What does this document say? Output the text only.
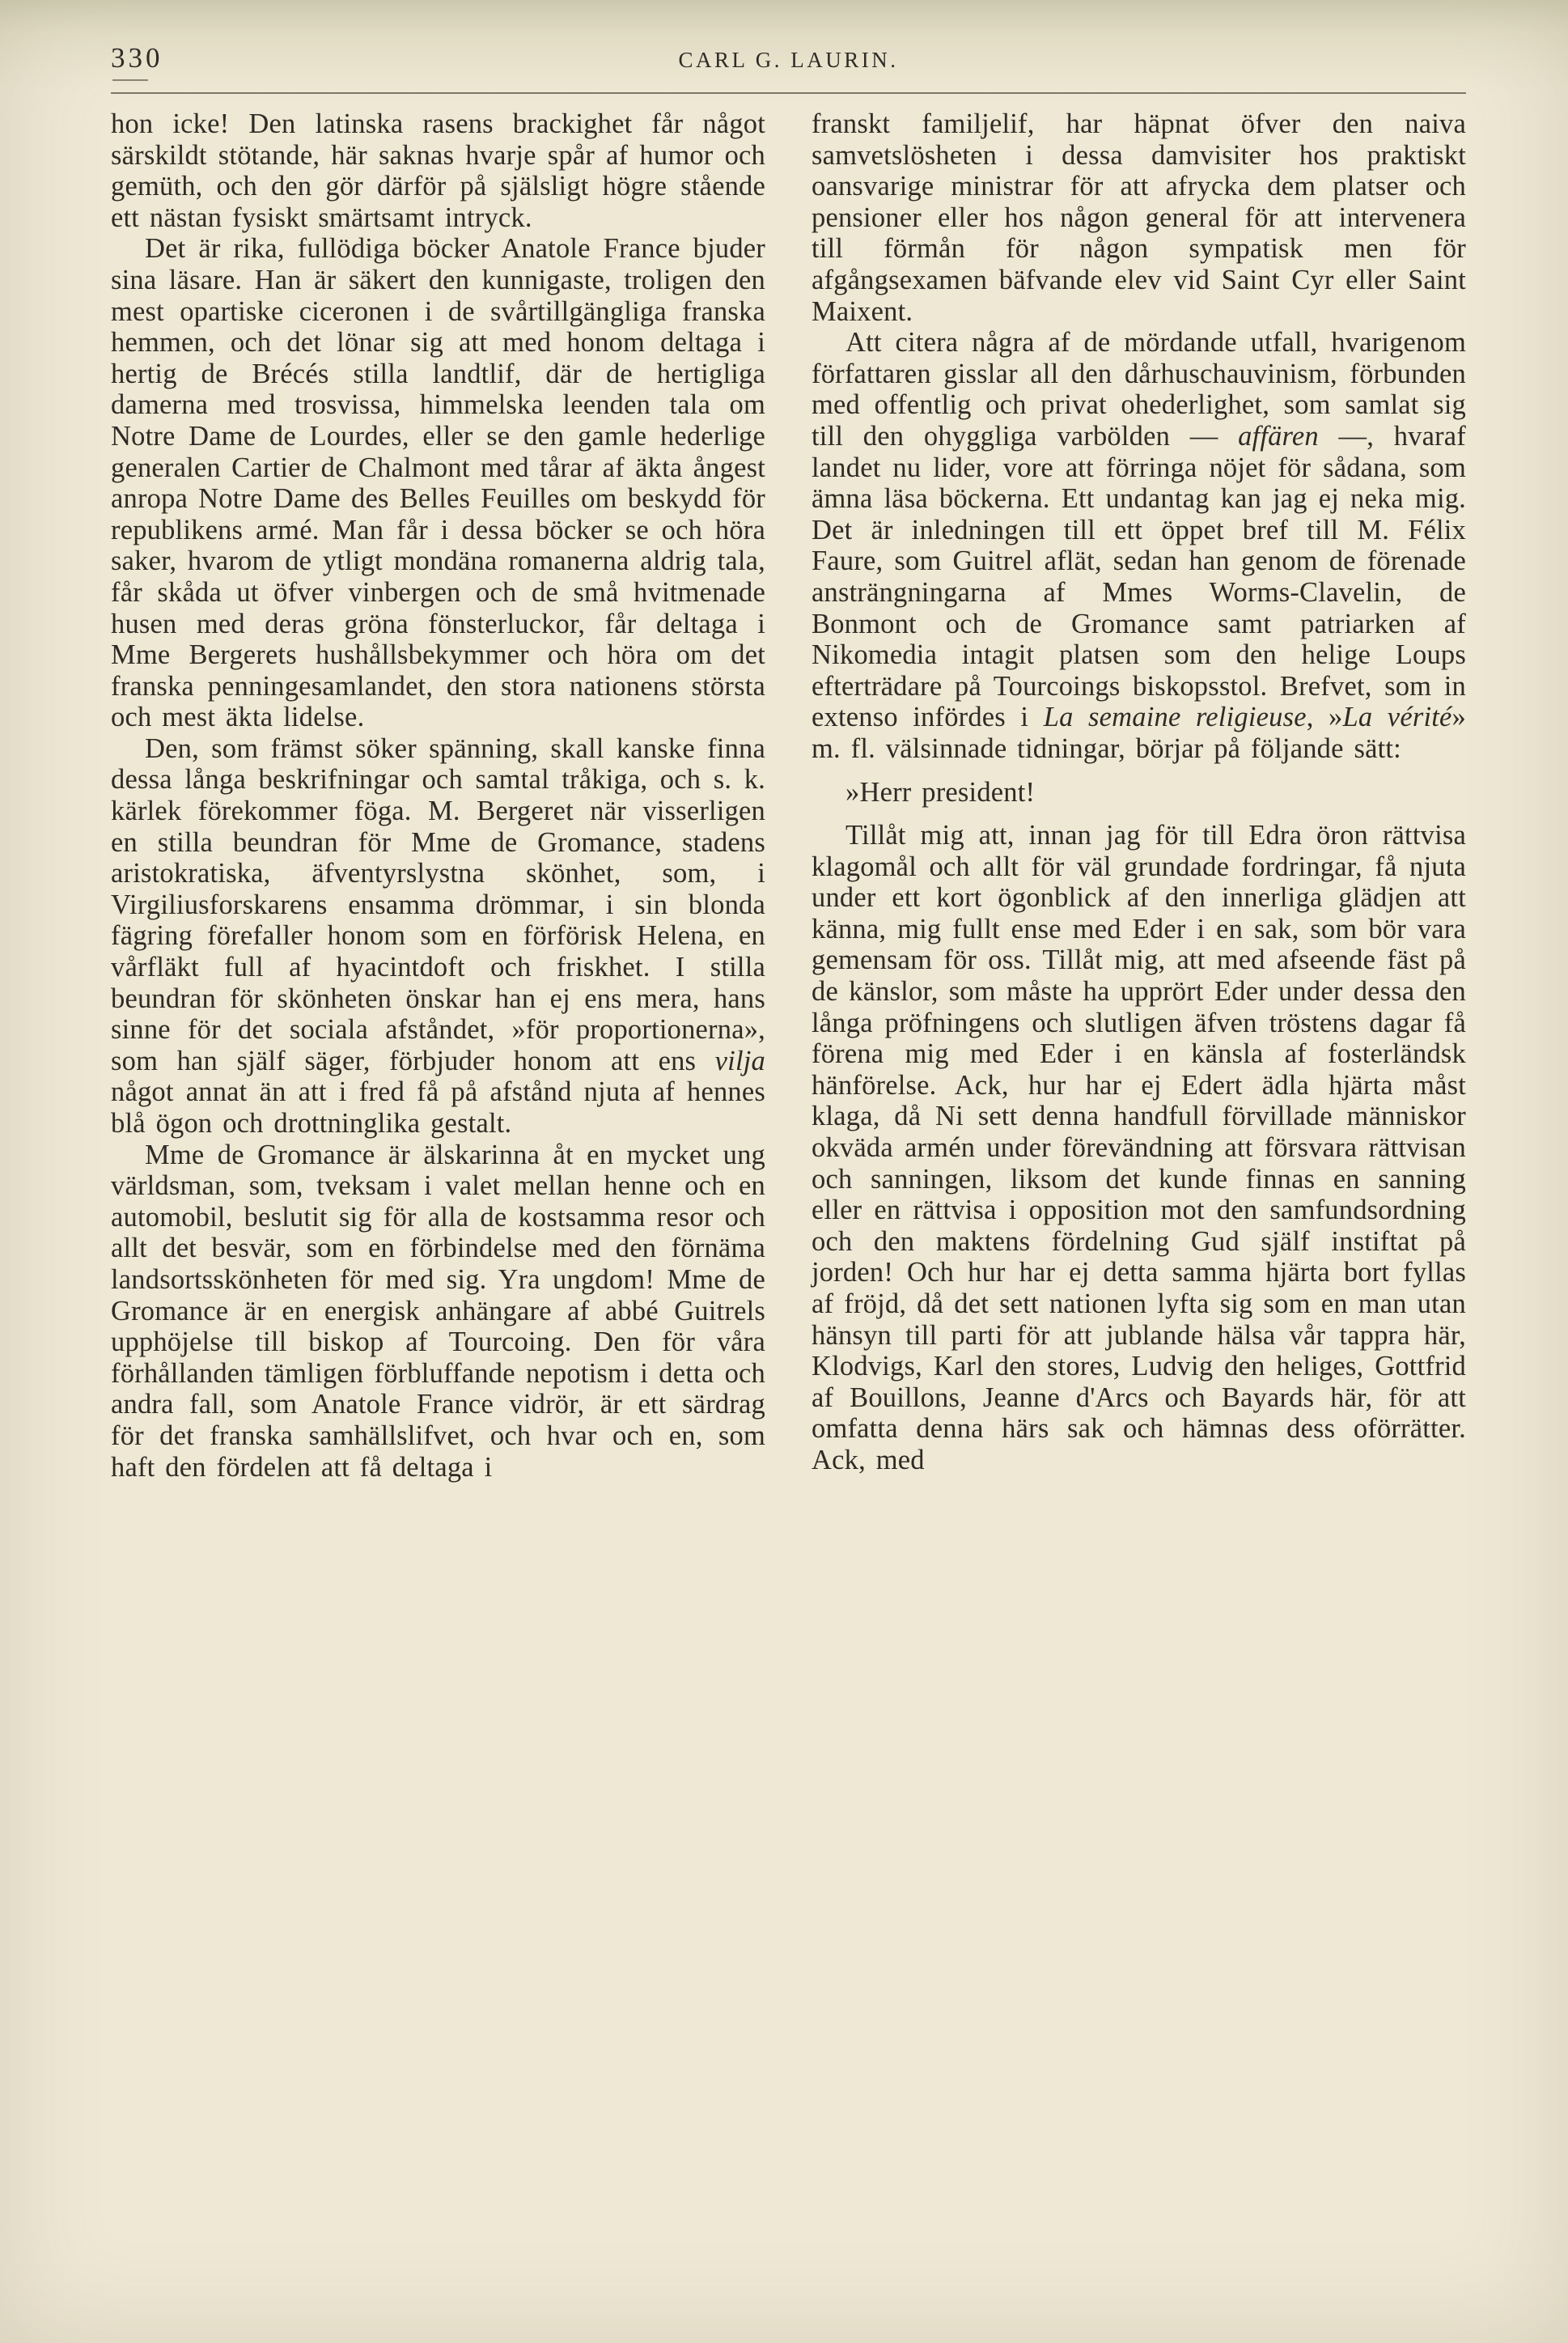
330	CARL G. LAURIN.

hon icke! Den latinska rasens brackighet får något särskildt stötande, här saknas hvarje spår af humor och gemüth, och den gör därför på själsligt högre stående ett nästan fysiskt smärtsamt intryck.

Det är rika, fullödiga böcker Anatole France bjuder sina läsare. Han är säkert den kunnigaste, troligen den mest opartiske ciceronen i de svårtillgängliga franska hemmen, och det lönar sig att med honom deltaga i hertig de Brécés stilla landtlif, där de hertigliga damerna med trosvissa, himmelska leenden tala om Notre Dame de Lourdes, eller se den gamle hederlige generalen Cartier de Chalmont med tårar af äkta ångest anropa Notre Dame des Belles Feuilles om beskydd för republikens armé. Man får i dessa böcker se och höra saker, hvarom de ytligt mondäna romanerna aldrig tala, får skåda ut öfver vinbergen och de små hvitmenade husen med deras gröna fönsterluckor, får deltaga i Mme Bergerets hushållsbekymmer och höra om det franska penningesamlandet, den stora nationens största och mest äkta lidelse.

Den, som främst söker spänning, skall kanske finna dessa långa beskrifningar och samtal tråkiga, och s. k. kärlek förekommer föga. M. Bergeret när visserligen en stilla beundran för Mme de Gromance, stadens aristokratiska, äfventyrslystna skönhet, som, i Virgiliusforskarens ensamma drömmar, i sin blonda fägring förefaller honom som en förförisk Helena, en vårfläkt full af hyacintdoft och friskhet. I stilla beundran för skönheten önskar han ej ens mera, hans sinne för det sociala afståndet, »för proportionerna», som han själf säger, förbjuder honom att ens vilja något annat än att i fred få på afstånd njuta af hennes blå ögon och drottninglika gestalt.

Mme de Gromance är älskarinna åt en mycket ung världsman, som, tveksam i valet mellan henne och en automobil, beslutit sig för alla de kostsamma resor och allt det besvär, som en förbindelse med den förnäma landsortsskönheten för med sig. Yra ungdom! Mme de Gromance är en energisk anhängare af abbé Guitrels upphöjelse till biskop af Tourcoing. Den för våra förhållanden tämligen förbluffande nepotism i detta och andra fall, som Anatole France vidrör, är ett särdrag för det franska samhällslifvet, och hvar och en, som haft den fördelen att få deltaga i

franskt familjelif, har häpnat öfver den naiva samvetslösheten i dessa damvisiter hos praktiskt oansvarige ministrar för att afrycka dem platser och pensioner eller hos någon general för att intervenera till förmån för någon sympatisk men för afgångsexamen bäfvande elev vid Saint Cyr eller Saint Maixent.

Att citera några af de mördande utfall, hvarigenom författaren gisslar all den dårhuschauvinism, förbunden med offentlig och privat ohederlighet, som samlat sig till den ohyggliga varbölden — affären —, hvaraf landet nu lider, vore att förringa nöjet för sådana, som ämna läsa böckerna. Ett undantag kan jag ej neka mig. Det är inledningen till ett öppet bref till M. Félix Faure, som Guitrel aflät, sedan han genom de förenade ansträngningarna af Mmes Worms-Clavelin, de Bonmont och de Gromance samt patriarken af Nikomedia intagit platsen som den helige Loups efterträdare på Tourcoings biskopsstol. Brefvet, som in extenso infördes i La semaine religieuse, »La vérité» m. fl. välsinnade tidningar, börjar på följande sätt:

»Herr president!

Tillåt mig att, innan jag för till Edra öron rättvisa klagomål och allt för väl grundade fordringar, få njuta under ett kort ögonblick af den innerliga glädjen att känna, mig fullt ense med Eder i en sak, som bör vara gemensam för oss. Tillåt mig, att med afseende fäst på de känslor, som måste ha upprört Eder under dessa den långa pröfningens och slutligen äfven tröstens dagar få förena mig med Eder i en känsla af fosterländsk hänförelse. Ack, hur har ej Edert ädla hjärta måst klaga, då Ni sett denna handfull förvillade människor okväda armén under förevändning att försvara rättvisan och sanningen, liksom det kunde finnas en sanning eller en rättvisa i opposition mot den samfundsordning och den maktens fördelning Gud själf instiftat på jorden! Och hur har ej detta samma hjärta bort fyllas af fröjd, då det sett nationen lyfta sig som en man utan hänsyn till parti för att jublande hälsa vår tappra här, Klodvigs, Karl den stores, Ludvig den heliges, Gottfrid af Bouillons, Jeanne d'Arcs och Bayards här, för att omfatta denna härs sak och hämnas dess oförrätter. Ack, med
